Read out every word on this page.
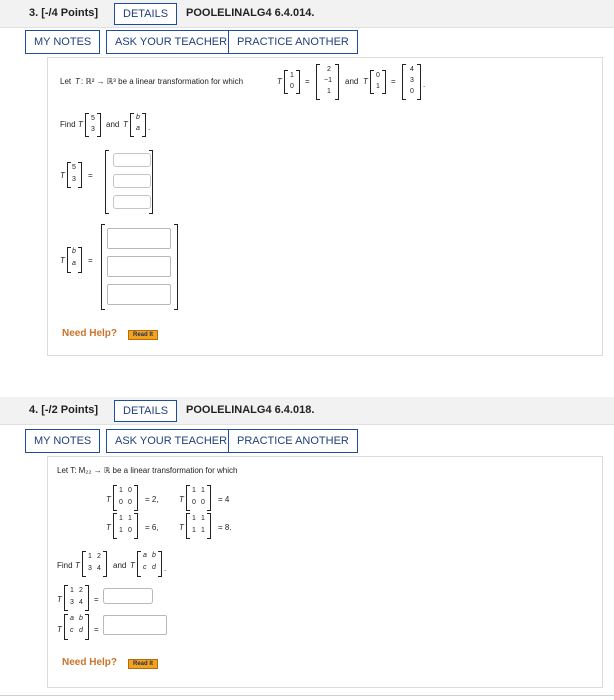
3. [-/4 Points]	DETAILS	POOLELINALG4 6.4.014.
MY NOTES	ASK YOUR TEACHER PRACTICE ANOTHER
Let T : ℝ² → ℝ³ be a linear transformation for which	T
1
0
=
2
−1
1
and T
0
1
=
4
3
0
.
Find T
5
3
and T
b
a .
T
5
3 =
T
b
a =
Need Help?	Read It
4. [-/2 Points]	DETAILS	POOLELINALG4 6.4.018.
MY NOTES	ASK YOUR TEACHER PRACTICE ANOTHER
Let T: M₂₂ → ℝ be a linear transformation for which
T
1 0
0 0 = 2,	T
1 1
0 0 = 4
T
1 1
1 0 = 6,	T
1 1
1 1 = 8.
Find T
1 2
3 4 and T
a b
c d .
T
1 2
3 4 =
T
a b
c d =
Need Help?	Read It
